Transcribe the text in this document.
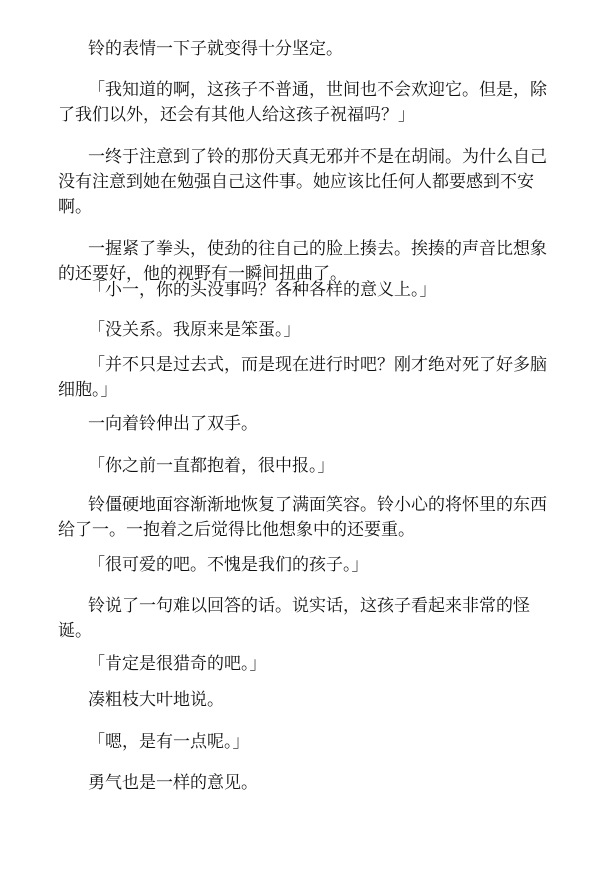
铃的表情一下子就变得十分坚定。

「我知道的啊，这孩子不普通，世间也不会欢迎它。但是，除了我们以外，还会有其他人给这孩子祝福吗？」

一终于注意到了铃的那份天真无邪并不是在胡闹。为什么自己没有注意到她在勉强自己这件事。她应该比任何人都要感到不安啊。

一握紧了拳头，使劲的往自己的脸上揍去。挨揍的声音比想象的还要好，他的视野有一瞬间扭曲了。

「小一，你的头没事吗？各种各样的意义上。」

「没关系。我原来是笨蛋。」

「并不只是过去式，而是现在进行时吧？刚才绝对死了好多脑细胞。」

一向着铃伸出了双手。

「你之前一直都抱着，很中报。」

铃僵硬地面容渐渐地恢复了满面笑容。铃小心的将怀里的东西给了一。一抱着之后觉得比他想象中的还要重。

「很可爱的吧。不愧是我们的孩子。」

铃说了一句难以回答的话。说实话，这孩子看起来非常的怪诞。

「肯定是很猎奇的吧。」

凑粗枝大叶地说。

「嗯，是有一点呢。」

勇气也是一样的意见。
